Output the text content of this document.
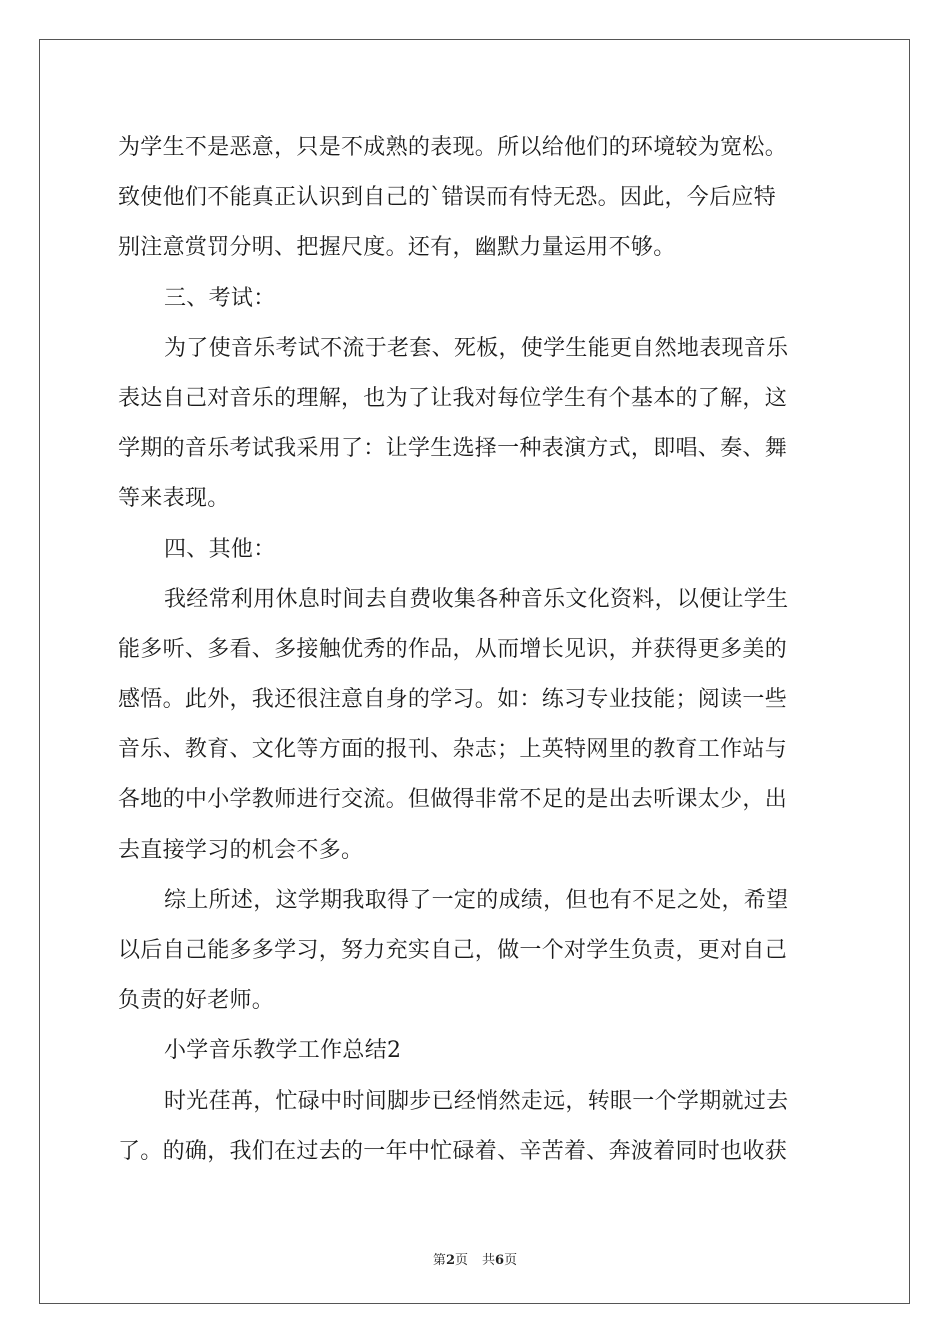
为学生不是恶意，只是不成熟的表现。所以给他们的环境较为宽松。
致使他们不能真正认识到自己的`错误而有恃无恐。因此，今后应特
别注意赏罚分明、把握尺度。还有，幽默力量运用不够。
三、考试：
为了使音乐考试不流于老套、死板，使学生能更自然地表现音乐
表达自己对音乐的理解，也为了让我对每位学生有个基本的了解，这
学期的音乐考试我采用了：让学生选择一种表演方式，即唱、奏、舞
等来表现。
四、其他：
我经常利用休息时间去自费收集各种音乐文化资料，以便让学生
能多听、多看、多接触优秀的作品，从而增长见识，并获得更多美的
感悟。此外，我还很注意自身的学习。如：练习专业技能；阅读一些
音乐、教育、文化等方面的报刊、杂志；上英特网里的教育工作站与
各地的中小学教师进行交流。但做得非常不足的是出去听课太少，出
去直接学习的机会不多。
综上所述，这学期我取得了一定的成绩，但也有不足之处，希望
以后自己能多多学习，努力充实自己，做一个对学生负责，更对自己
负责的好老师。
小学音乐教学工作总结2
时光荏苒，忙碌中时间脚步已经悄然走远，转眼一个学期就过去
了。的确，我们在过去的一年中忙碌着、辛苦着、奔波着同时也收获
第2页 共6页
